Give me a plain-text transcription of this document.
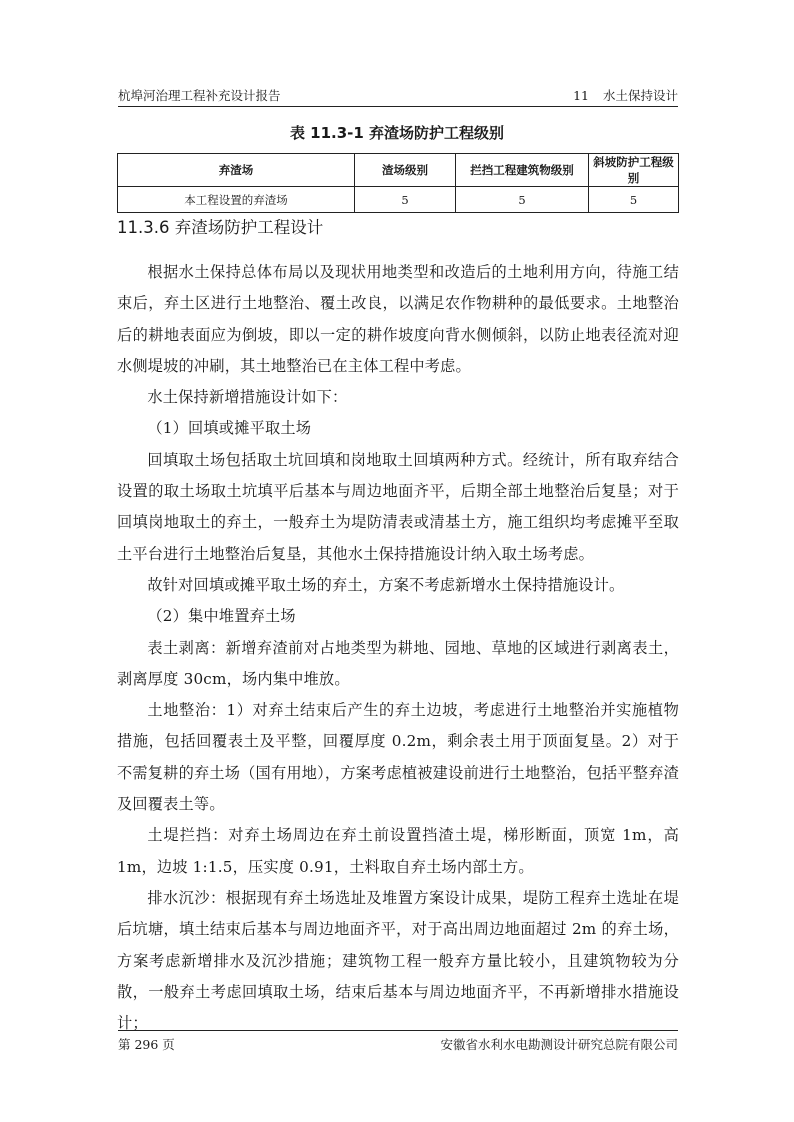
杭埠河治理工程补充设计报告	11 水土保持设计
表 11.3-1 弃渣场防护工程级别
弃渣场	渣场级别	拦挡工程建筑物级别	斜坡防护工程级别
本工程设置的弃渣场	5	5	5
11.3.6 弃渣场防护工程设计

根据水土保持总体布局以及现状用地类型和改造后的土地利用方向，待施工结束后，弃土区进行土地整治、覆土改良，以满足农作物耕种的最低要求。土地整治后的耕地表面应为倒坡，即以一定的耕作坡度向背水侧倾斜，以防止地表径流对迎水侧堤坡的冲刷，其土地整治已在主体工程中考虑。

水土保持新增措施设计如下：

（1）回填或摊平取土场

回填取土场包括取土坑回填和岗地取土回填两种方式。经统计，所有取弃结合设置的取土场取土坑填平后基本与周边地面齐平，后期全部土地整治后复垦；对于回填岗地取土的弃土，一般弃土为堤防清表或清基土方，施工组织均考虑摊平至取土平台进行土地整治后复垦，其他水土保持措施设计纳入取土场考虑。

故针对回填或摊平取土场的弃土，方案不考虑新增水土保持措施设计。

（2）集中堆置弃土场

表土剥离：新增弃渣前对占地类型为耕地、园地、草地的区域进行剥离表土，剥离厚度 30cm，场内集中堆放。

土地整治：1）对弃土结束后产生的弃土边坡，考虑进行土地整治并实施植物措施，包括回覆表土及平整，回覆厚度 0.2m，剩余表土用于顶面复垦。2）对于不需复耕的弃土场（国有用地），方案考虑植被建设前进行土地整治，包括平整弃渣及回覆表土等。

土堤拦挡：对弃土场周边在弃土前设置挡渣土堤，梯形断面，顶宽 1m，高 1m，边坡 1:1.5，压实度 0.91，土料取自弃土场内部土方。

排水沉沙：根据现有弃土场选址及堆置方案设计成果，堤防工程弃土选址在堤后坑塘，填土结束后基本与周边地面齐平，对于高出周边地面超过 2m 的弃土场，方案考虑新增排水及沉沙措施；建筑物工程一般弃方量比较小，且建筑物较为分散，一般弃土考虑回填取土场，结束后基本与周边地面齐平，不再新增排水措施设计；

第 296 页	安徽省水利水电勘测设计研究总院有限公司
